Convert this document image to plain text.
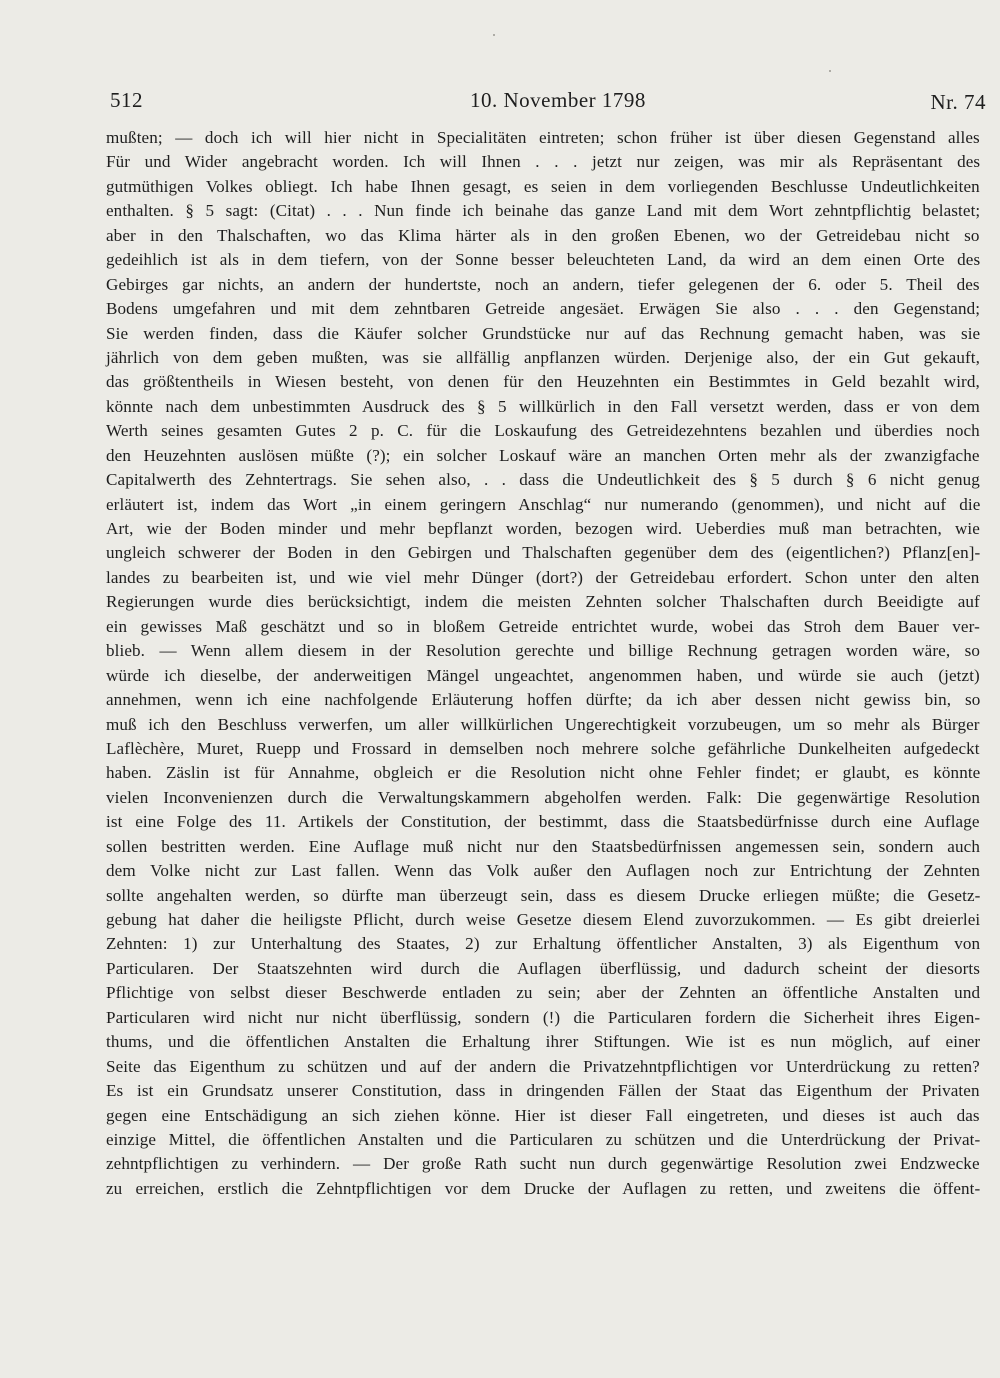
512	10. November 1798	Nr. 74
mußten; — doch ich will hier nicht in Specialitäten eintreten; schon früher ist über diesen Gegenstand alles
Für und Wider angebracht worden. Ich will Ihnen . . . jetzt nur zeigen, was mir als Repräsentant des
gutmüthigen Volkes obliegt. Ich habe Ihnen gesagt, es seien in dem vorliegenden Beschlusse Undeutlichkeiten
enthalten. § 5 sagt: (Citat) . . . Nun finde ich beinahe das ganze Land mit dem Wort zehntpflichtig belastet;
aber in den Thalschaften, wo das Klima härter als in den großen Ebenen, wo der Getreidebau nicht so
gedeihlich ist als in dem tiefern, von der Sonne besser beleuchteten Land, da wird an dem einen Orte des
Gebirges gar nichts, an andern der hundertste, noch an andern, tiefer gelegenen der 6. oder 5. Theil des
Bodens umgefahren und mit dem zehntbaren Getreide angesäet. Erwägen Sie also . . . den Gegenstand;
Sie werden finden, dass die Käufer solcher Grundstücke nur auf das Rechnung gemacht haben, was sie
jährlich von dem geben mußten, was sie allfällig anpflanzen würden. Derjenige also, der ein Gut gekauft,
das größtentheils in Wiesen besteht, von denen für den Heuzehnten ein Bestimmtes in Geld bezahlt wird,
könnte nach dem unbestimmten Ausdruck des § 5 willkürlich in den Fall versetzt werden, dass er von dem
Werth seines gesamten Gutes 2 p. C. für die Loskaufung des Getreidezehntens bezahlen und überdies noch
den Heuzehnten auslösen müßte (?); ein solcher Loskauf wäre an manchen Orten mehr als der zwanzigfache
Capitalwerth des Zehntertrags. Sie sehen also, . . dass die Undeutlichkeit des § 5 durch § 6 nicht genug
erläutert ist, indem das Wort „in einem geringern Anschlag“ nur numerando (genommen), und nicht auf die
Art, wie der Boden minder und mehr bepflanzt worden, bezogen wird. Ueberdies muß man betrachten, wie
ungleich schwerer der Boden in den Gebirgen und Thalschaften gegenüber dem des (eigentlichen?) Pflanz[en]-
landes zu bearbeiten ist, und wie viel mehr Dünger (dort?) der Getreidebau erfordert. Schon unter den alten
Regierungen wurde dies berücksichtigt, indem die meisten Zehnten solcher Thalschaften durch Beeidigte auf
ein gewisses Maß geschätzt und so in bloßem Getreide entrichtet wurde, wobei das Stroh dem Bauer ver-
blieb. — Wenn allem diesem in der Resolution gerechte und billige Rechnung getragen worden wäre, so
würde ich dieselbe, der anderweitigen Mängel ungeachtet, angenommen haben, und würde sie auch (jetzt)
annehmen, wenn ich eine nachfolgende Erläuterung hoffen dürfte; da ich aber dessen nicht gewiss bin, so
muß ich den Beschluss verwerfen, um aller willkürlichen Ungerechtigkeit vorzubeugen, um so mehr als Bürger
Laflèchère, Muret, Ruepp und Frossard in demselben noch mehrere solche gefährliche Dunkelheiten aufgedeckt
haben. Zäslin ist für Annahme, obgleich er die Resolution nicht ohne Fehler findet; er glaubt, es könnte
vielen Inconvenienzen durch die Verwaltungskammern abgeholfen werden. Falk: Die gegenwärtige Resolution
ist eine Folge des 11. Artikels der Constitution, der bestimmt, dass die Staatsbedürfnisse durch eine Auflage
sollen bestritten werden. Eine Auflage muß nicht nur den Staatsbedürfnissen angemessen sein, sondern auch
dem Volke nicht zur Last fallen. Wenn das Volk außer den Auflagen noch zur Entrichtung der Zehnten
sollte angehalten werden, so dürfte man überzeugt sein, dass es diesem Drucke erliegen müßte; die Gesetz-
gebung hat daher die heiligste Pflicht, durch weise Gesetze diesem Elend zuvorzukommen. — Es gibt dreierlei
Zehnten: 1) zur Unterhaltung des Staates, 2) zur Erhaltung öffentlicher Anstalten, 3) als Eigenthum von
Particularen. Der Staatszehnten wird durch die Auflagen überflüssig, und dadurch scheint der diesorts
Pflichtige von selbst dieser Beschwerde entladen zu sein; aber der Zehnten an öffentliche Anstalten und
Particularen wird nicht nur nicht überflüssig, sondern (!) die Particularen fordern die Sicherheit ihres Eigen-
thums, und die öffentlichen Anstalten die Erhaltung ihrer Stiftungen. Wie ist es nun möglich, auf einer
Seite das Eigenthum zu schützen und auf der andern die Privatzehntpflichtigen vor Unterdrückung zu retten?
Es ist ein Grundsatz unserer Constitution, dass in dringenden Fällen der Staat das Eigenthum der Privaten
gegen eine Entschädigung an sich ziehen könne. Hier ist dieser Fall eingetreten, und dieses ist auch das
einzige Mittel, die öffentlichen Anstalten und die Particularen zu schützen und die Unterdrückung der Privat-
zehntpflichtigen zu verhindern. — Der große Rath sucht nun durch gegenwärtige Resolution zwei Endzwecke
zu erreichen, erstlich die Zehntpflichtigen vor dem Drucke der Auflagen zu retten, und zweitens die öffent-
